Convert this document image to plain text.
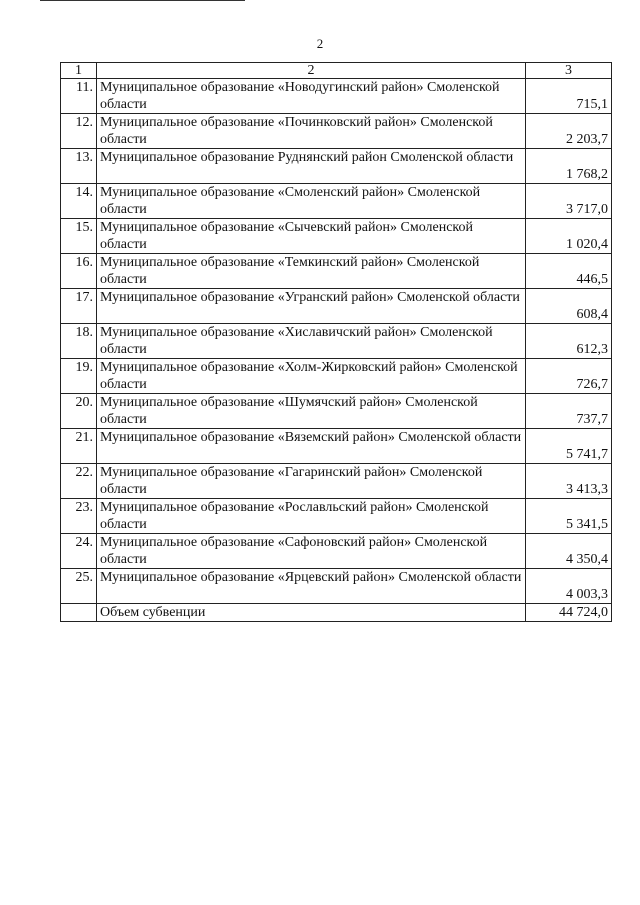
2
1	2	3
11.	Муниципальное образование «Новодугинский район» Смоленской области	715,1
12.	Муниципальное образование «Починковский район» Смоленской области	2 203,7
13.	Муниципальное образование Руднянский район Смоленской области	1 768,2
14.	Муниципальное образование «Смоленский район» Смоленской области	3 717,0
15.	Муниципальное образование «Сычевский район» Смоленской области	1 020,4
16.	Муниципальное образование «Темкинский район» Смоленской области	446,5
17.	Муниципальное образование «Угранский район» Смоленской области	608,4
18.	Муниципальное образование «Хиславичский район» Смоленской области	612,3
19.	Муниципальное образование «Холм-Жирковский район» Смоленской области	726,7
20.	Муниципальное образование «Шумячский район» Смоленской области	737,7
21.	Муниципальное образование «Вяземский район» Смоленской области	5 741,7
22.	Муниципальное образование «Гагаринский район» Смоленской области	3 413,3
23.	Муниципальное образование «Рославльский район» Смоленской области	5 341,5
24.	Муниципальное образование «Сафоновский район» Смоленской области	4 350,4
25.	Муниципальное образование «Ярцевский район» Смоленской области	4 003,3
	Объем субвенции	44 724,0
